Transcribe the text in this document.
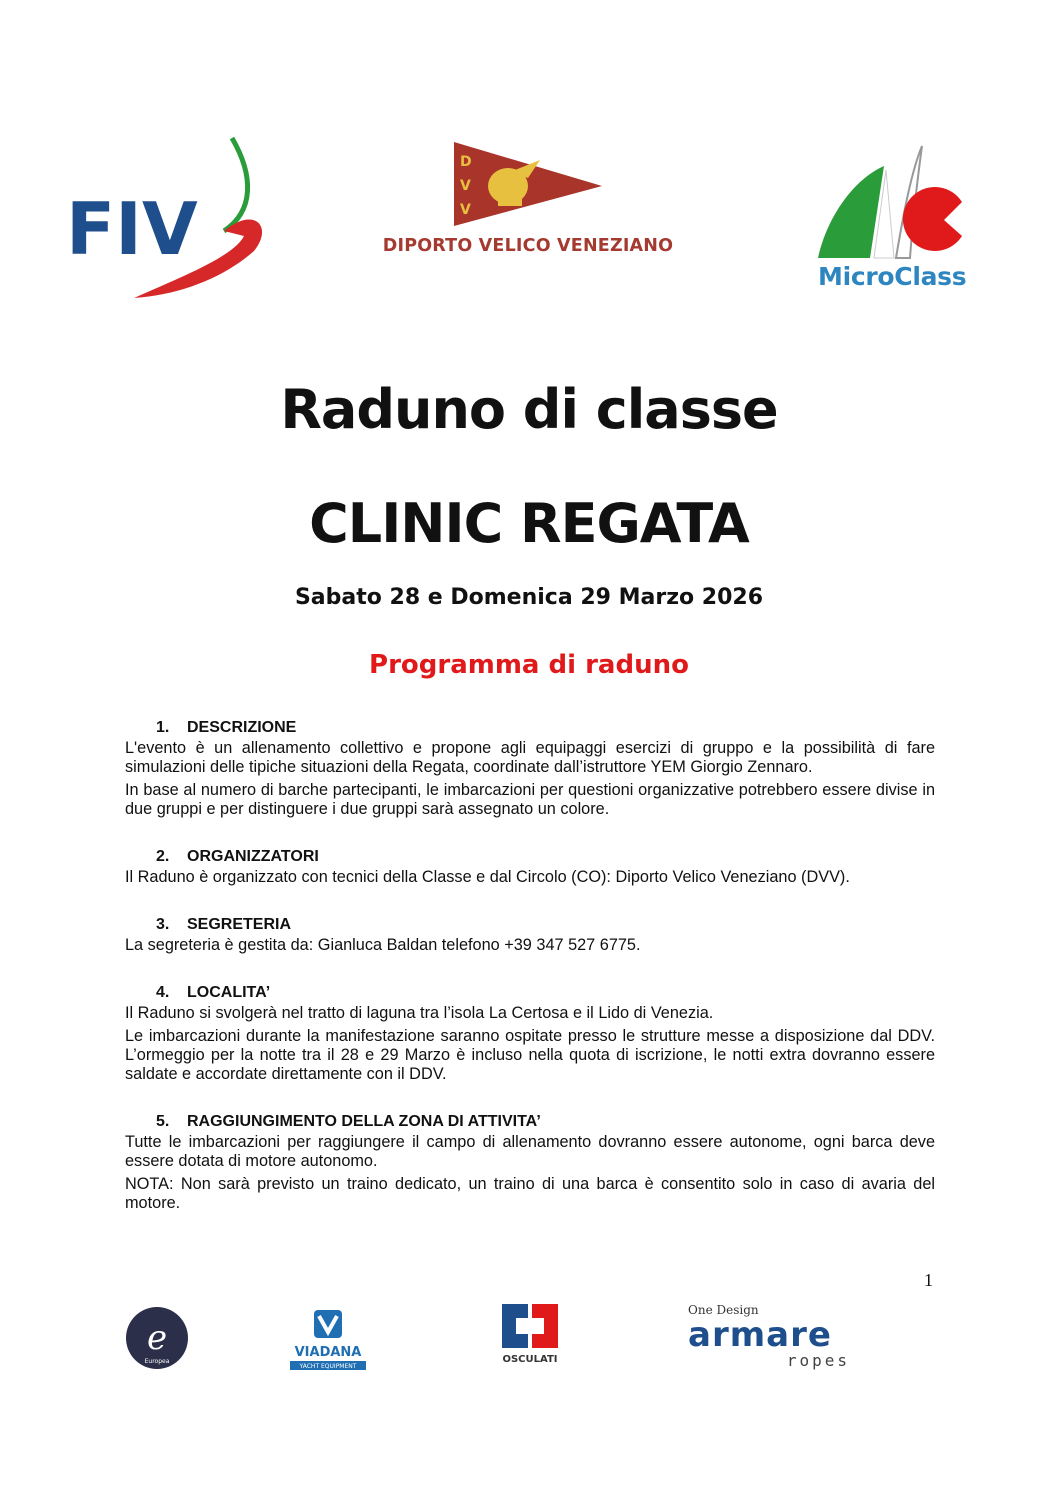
FIV
D
V
V
DIPORTO VELICO VENEZIANO
MicroClass
Raduno di classe
CLINIC REGATA
Sabato 28 e Domenica 29 Marzo 2026
Programma di raduno
1. DESCRIZIONE

L'evento è un allenamento collettivo e propone agli equipaggi esercizi di gruppo e la possibilità di fare simulazioni delle tipiche situazioni della Regata, coordinate dall’istruttore YEM Giorgio Zennaro.

In base al numero di barche partecipanti, le imbarcazioni per questioni organizzative potrebbero essere divise in due gruppi e per distinguere i due gruppi sarà assegnato un colore.

2. ORGANIZZATORI

Il Raduno è organizzato con tecnici della Classe e dal Circolo (CO): Diporto Velico Veneziano (DVV).

3. SEGRETERIA

La segreteria è gestita da: Gianluca Baldan telefono +39 347 527 6775.

4. LOCALITA’

Il Raduno si svolgerà nel tratto di laguna tra l’isola La Certosa e il Lido di Venezia.

Le imbarcazioni durante la manifestazione saranno ospitate presso le strutture messe a disposizione dal DDV. L’ormeggio per la notte tra il 28 e 29 Marzo è incluso nella quota di iscrizione, le notti extra dovranno essere saldate e accordate direttamente con il DDV.

5. RAGGIUNGIMENTO DELLA ZONA DI ATTIVITA’

Tutte le imbarcazioni per raggiungere il campo di allenamento dovranno essere autonome, ogni barca deve essere dotata di motore autonomo.

NOTA: Non sarà previsto un traino dedicato, un traino di una barca è consentito solo in caso di avaria del motore.

1
e
Europea
VIADANA
YACHT EQUIPMENT
OSCULATI
One Design
armare
ropes
